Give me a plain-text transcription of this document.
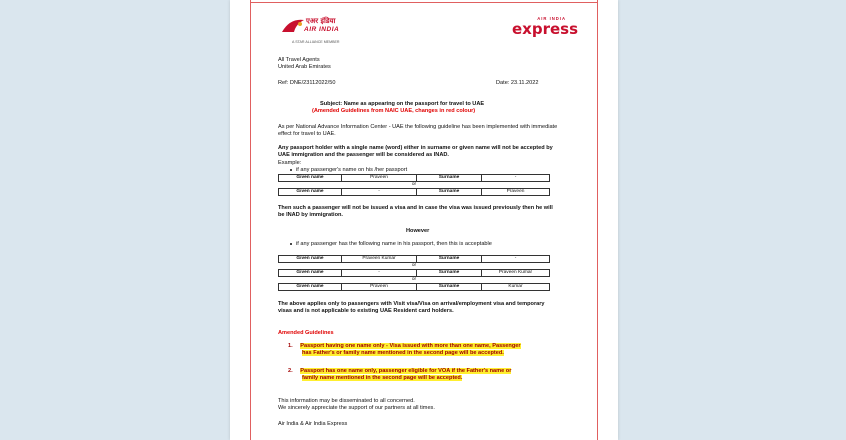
एअर इंडिया
AIR INDIA
A STAR ALLIANCE MEMBER
AIR INDIA
express
All Travel Agents
United Arab Emirates
Ref: DNE/23112022/50	Date: 23.11.2022
Subject: Name as appearing on the passport for travel to UAE
(Amended Guidelines from NAIC UAE, changes in red colour)
As per National Advance Information Center - UAE the following guideline has been implemented with immediate effect for travel to UAE.
Any passport holder with a single name (word) either in surname or given name will not be accepted by UAE immigration and the passenger will be considered as INAD.
Example:
if any passenger's name on his /her passport
Given name	Praveen	Surname	-
or
Given name	-	Surname	Praveen
Then such a passenger will not be issued a visa and in case the visa was issued previously then he will be INAD by immigration.
However
if any passenger has the following name in his passport, then this is acceptable
Given name	Praveen Kumar	Surname	-
or
Given name	-	Surname	Praveen Kumar
or
Given name	Praveen	Surname	Kumar
The above applies only to passengers with Visit visa/Visa on arrival/employment visa and temporary visas and is not applicable to existing UAE Resident card holders.
Amended Guidelines
1. Passport having one name only - Visa issued with more than one name, Passenger
has Father's or family name mentioned in the second page will be accepted.
2. Passport has one name only, passenger eligible for VOA if the Father's name or
family name mentioned in the second page will be accepted.
This information may be disseminated to all concerned.
We sincerely appreciate the support of our partners at all times.
Air India & Air India Express
